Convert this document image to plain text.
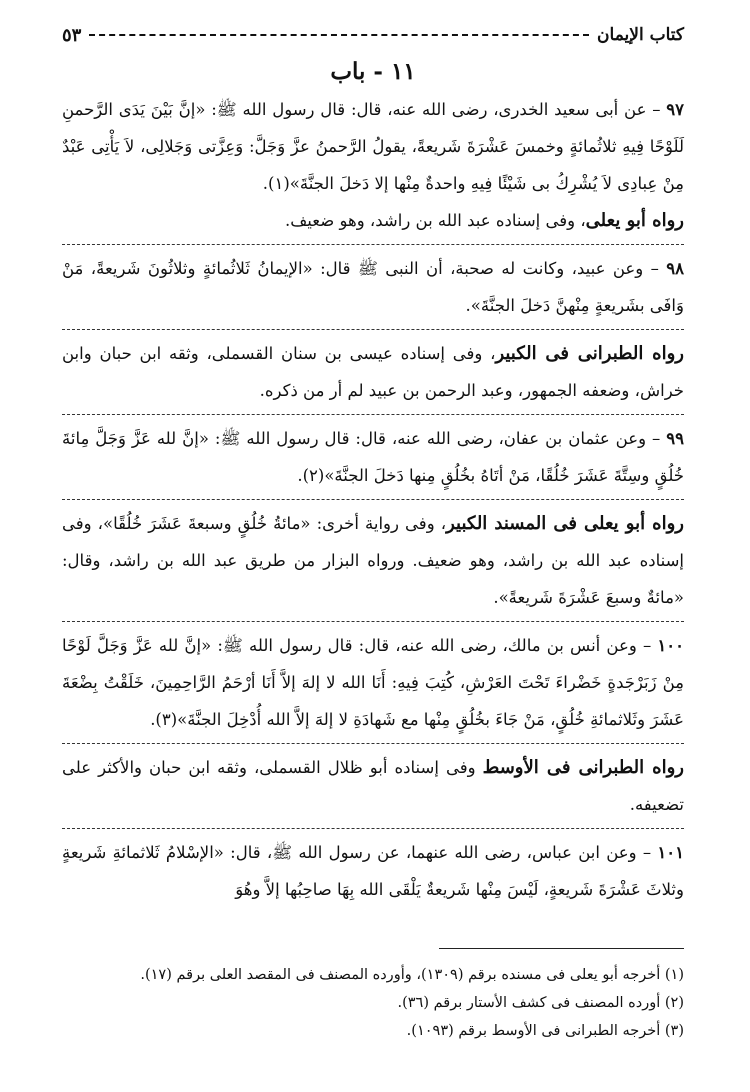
كتاب الإيمان
٥٣
١١ - باب

٩٧ – عن أبى سعيد الخدرى، رضى الله عنه، قال: قال رسول الله ﷺ: «إنَّ بَيْنَ يَدَى الرَّحمنِ لَلَوْحًا فِيهِ ثلاثُمائةٍ وخمسَ عَشْرَةَ شَريعةً، يقولُ الرَّحمنُ عزَّ وَجَلَّ: وَعِزَّتى وَجَلالِى، لاَ يَأْتِى عَبْدٌ مِنْ عِبادِى لاَ يُشْرِكُ بى شَيْئًا فِيهِ واحدةٌ مِنْها إلا دَخلَ الجنَّةَ»(١).

رواه أبو يعلى، وفى إسناده عبد الله بن راشد، وهو ضعيف.

٩٨ – وعن عبيد، وكانت له صحبة، أن النبى ﷺ قال: «الإيمانُ ثَلاثُمائةٍ وثلاثُونَ شَريعةً، مَنْ وَافَى بشَريعةٍ مِنْهنَّ دَخلَ الجنَّةَ».

رواه الطبرانى فى الكبير، وفى إسناده عيسى بن سنان القسملى، وثقه ابن حبان وابن خراش، وضعفه الجمهور، وعبد الرحمن بن عبيد لم أر من ذكره.

٩٩ – وعن عثمان بن عفان، رضى الله عنه، قال: قال رسول الله ﷺ: «إنَّ لله عَزَّ وَجَلَّ مِائةَ خُلُقٍ وسِتَّةَ عَشَرَ خُلُقًا، مَنْ أتَاهُ بخُلُقٍ مِنها دَخلَ الجنَّةَ»(٢).

رواه أبو يعلى فى المسند الكبير، وفى رواية أخرى: «مائةُ خُلُقٍ وسبعةَ عَشَرَ خُلُقًا»، وفى إسناده عبد الله بن راشد، وهو ضعيف. ورواه البزار من طريق عبد الله بن راشد، وقال: «مائةٌ وسبعَ عَشْرَةَ شَريعةً».

١٠٠ – وعن أنس بن مالك، رضى الله عنه، قال: قال رسول الله ﷺ: «إنَّ لله عَزَّ وَجَلَّ لَوْحًا مِنْ زَبَرْجَدةٍ خَضْراءَ تَحْتَ العَرْشِ، كُتِبَ فِيهِ: أَنَا الله لا إلهَ إلاَّ أَنَا أرْحَمُ الرَّاحِمِينَ، خَلَقْتُ بِضْعَةَ عَشَرَ وثَلاثمائةِ خُلُقٍ، مَنْ جَاءَ بخُلُقٍ مِنْها مع شَهادَةِ لا إلهَ إلاَّ الله أُدْخِلَ الجنَّةَ»(٣).

رواه الطبرانى فى الأوسط وفى إسناده أبو ظلال القسملى، وثقه ابن حبان والأكثر على تضعيفه.

١٠١ – وعن ابن عباس، رضى الله عنهما، عن رسول الله ﷺ، قال: «الإسْلامُ ثَلاثمائةِ شَريعةٍ وثلاثَ عَشْرَةَ شَريعةٍ، لَيْسَ مِنْها شَريعةٌ يَلْقَى الله بِهَا صاحِبُها إلاَّ وهُوَ

(١) أخرجه أبو يعلى فى مسنده برقم (١٣٠٩)، وأورده المصنف فى المقصد العلى برقم (١٧).
(٢) أورده المصنف فى كشف الأستار برقم (٣٦).
(٣) أخرجه الطبرانى فى الأوسط برقم (١٠٩٣).
